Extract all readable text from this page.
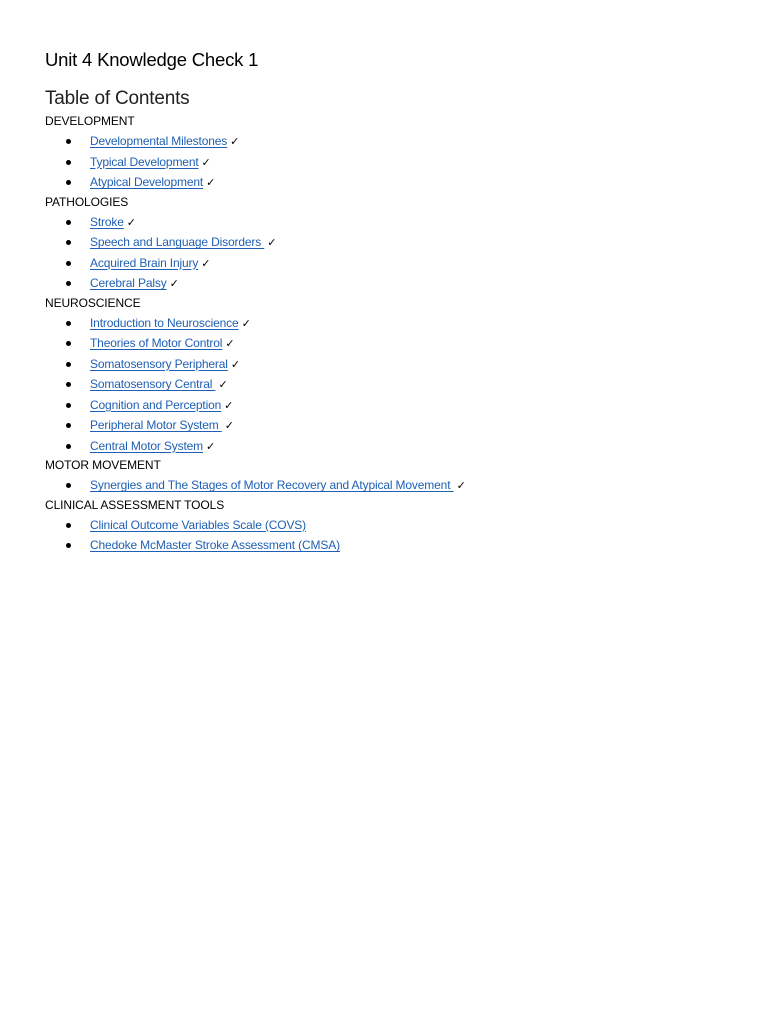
Unit 4 Knowledge Check 1
Table of Contents
DEVELOPMENT
Developmental Milestones ✓
Typical Development ✓
Atypical Development ✓
PATHOLOGIES
Stroke ✓
Speech and Language Disorders ✓
Acquired Brain Injury ✓
Cerebral Palsy ✓
NEUROSCIENCE
Introduction to Neuroscience ✓
Theories of Motor Control ✓
Somatosensory Peripheral ✓
Somatosensory Central ✓
Cognition and Perception ✓
Peripheral Motor System ✓
Central Motor System ✓
MOTOR MOVEMENT
Synergies and The Stages of Motor Recovery and Atypical Movement ✓
CLINICAL ASSESSMENT TOOLS
Clinical Outcome Variables Scale (COVS)
Chedoke McMaster Stroke Assessment (CMSA)
